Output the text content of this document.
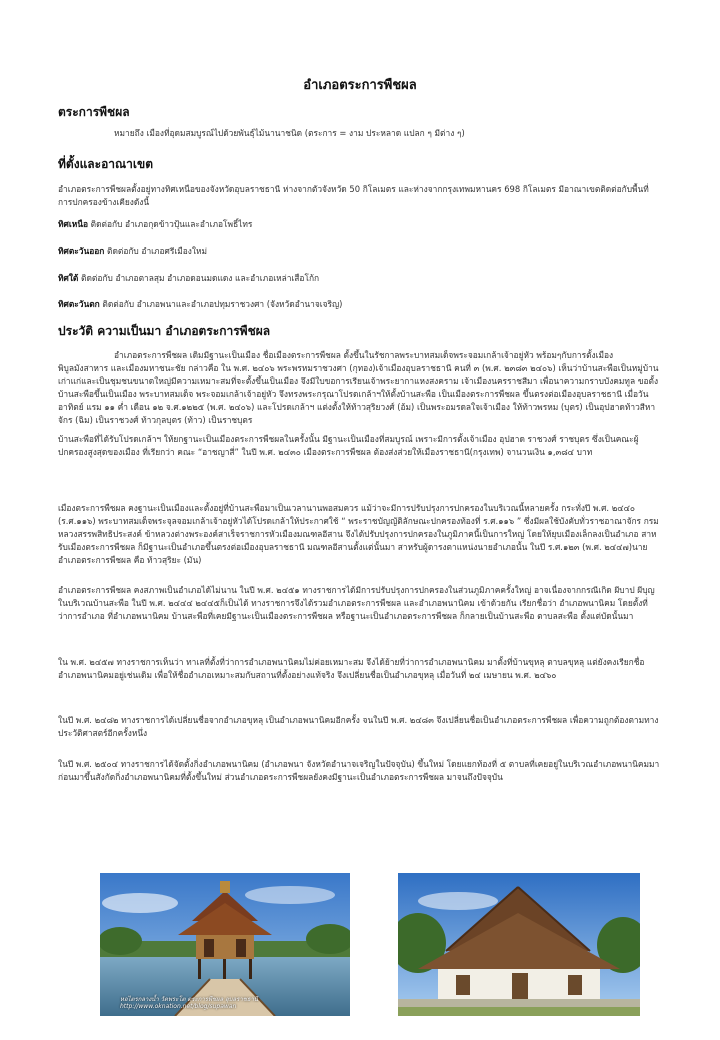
อำเภอตระการพืชผล
ตระการพืชผล
หมายถึง เมืองที่อุดมสมบูรณ์ไปด้วยพันธุ์ไม้นานาชนิด (ตระการ = งาม ประหลาด แปลก ๆ มีต่าง ๆ)
ที่ตั้งและอาณาเขต
อำเภอตระการพืชผลตั้งอยู่ทางทิศเหนือของจังหวัดอุบลราชธานี ห่างจากตัวจังหวัด 50 กิโลเมตร และห่างจากกรุงเทพมหานคร 698 กิโลเมตร มีอาณาเขตติดต่อกับพื้นที่การปกครองข้างเคียงดังนี้
ทิศเหนือ ติดต่อกับ อำเภอกุดข้าวปุ้นและอำเภอโพธิ์ไทร
ทิศตะวันออก ติดต่อกับ อำเภอศรีเมืองใหม่
ทิศใต้ ติดต่อกับ อำเภอตาลสุม อำเภอดอนมดแดง และอำเภอเหล่าเสือโก้ก
ทิศตะวันตก ติดต่อกับ อำเภอพนาและอำเภอปทุมราชวงศา (จังหวัดอำนาจเจริญ)
ประวัติ ความเป็นมา อำเภอตระการพืชผล
อำเภอตระการพืชผล เดิมมีฐานะเป็นเมือง ชื่อเมืองตระการพืชผล ตั้งขึ้นในรัชกาลพระบาทสมเด็จพระจอมเกล้าเจ้าอยู่หัว พร้อมๆกับการตั้งเมืองพิบูลมังสาหาร และเมืองมหาชนะชัย กล่าวคือ ใน พ.ศ. ๒๔๐๖ พระพรหมราชวงศา (กุทอง)เจ้าเมืองอุบลราชธานี คนที่ ๓ (พ.ศ. ๒๓๘๓ ๒๔๐๖) เห็นว่าบ้านสะพือเป็นหมู่บ้านเก่าแก่และเป็นชุมชนขนาดใหญ่มีความเหมาะสมที่จะตั้งขึ้นเป็นเมือง จึงมีใบขอการเรียนเจ้าพระยากาแหงสงคราม เจ้าเมืองนครราชสีมา เพื่อนาความกราบบังคมทูล ขอตั้งบ้านสะพือขึ้นเป็นเมือง พระบาทสมเด็จ พระจอมเกล้าเจ้าอยู่หัว จึงทรงพระกรุณาโปรดเกล้าฯให้ตั้งบ้านสะพือ เป็นเมืองตระการพืชผล ขึ้นตรงต่อเมืองอุบลราชธานี เมื่อวันอาทิตย์ แรม ๑๑ ค่ำ เดือน ๑๒ จ.ศ.๑๒๒๕ (พ.ศ. ๒๔๐๖) และโปรดเกล้าฯ แต่งตั้งให้ท้าวสุริยวงศ์ (อ้ม) เป็นพระอมรดลใจเจ้าเมือง ให้ท้าวพรหม (บุตร) เป็นอุปฮาดท้าวสีหาจักร (ฉิม) เป็นราชวงศ์ ท้าวกุลบุตร (ท้าว) เป็นราชบุตร
บ้านสะพือที่ได้รับโปรดเกล้าฯ ให้ยกฐานะเป็นเมืองตระการพืชผลในครั้งนั้น มีฐานะเป็นเมืองที่สมบูรณ์ เพราะมีการตั้งเจ้าเมือง อุปฮาด ราชวงศ์ ราชบุตร ซึ่งเป็นคณะผู้ปกครองสูงสุดของเมือง ที่เรียกว่า คณะ “อาชญาสี่” ในปี พ.ศ. ๒๔๓๐ เมืองตระการพืชผล ต้องส่งส่วยให้เมืองราชธานี(กรุงเทพ) จานวนเงิน ๑,๓๘๔ บาท
เมืองตระการพืชผล คงฐานะเป็นเมืองและตั้งอยู่ที่บ้านสะพือมาเป็นเวลานานพอสมควร แม้ว่าจะมีการปรับปรุงการปกครองในบริเวณนี้หลายครั้ง กระทั่งปี พ.ศ. ๒๔๔๐ (ร.ศ.๑๑๖) พระบาทสมเด็จพระจุลจอมเกล้าเจ้าอยู่หัวได้โปรดเกล้าให้ประกาศใช้ “ พระราชบัญญัติลักษณะปกครองท้องที่ ร.ศ.๑๑๖ ” ซึ่งมีผลใช้บังคับทั่วราชอาณาจักร กรมหลวงสรรพสิทธิประสงค์ ข้าหลวงต่างพระองค์สาเร็จราชการหัวเมืองมณฑลอีสาน จึงได้ปรับปรุงการปกครองในภูมิภาคนี้เป็นการใหญ่ โดยให้ยุบเมืองเล็กลงเป็นอำเภอ สาหรับเมืองตระการพืชผล ก็มีฐานะเป็นอำเภอขึ้นตรงต่อเมืองอุบลราชธานี มณฑลอีสานตั้งแต่นั้นมา สาหรับผู้ดารงตาแหน่งนายอำเภอนั้น ในปี ร.ศ.๑๒๓ (พ.ศ. ๒๔๔๗)นายอำเภอตระการพืชผล คือ ท้าวสุริยะ (มัน)
อำเภอตระการพืชผล คงสภาพเป็นอำเภอได้ไม่นาน ในปี พ.ศ. ๒๔๕๑ ทางราชการได้มีการปรับปรุงการปกครองในส่วนภูมิภาคครั้งใหญ่ อาจเนื่องจากกรณีเกิด ผีบาป ผีบุญ ในบริเวณบ้านสะพือ ในปี พ.ศ. ๒๔๔๔ ๒๔๔๕ก็เป็นได้ ทางราชการจึงได้รวมอำเภอตระการพืชผล และอำเภอพนานิคม เข้าด้วยกัน เรียกชื่อว่า อำเภอพนานิคม โดยตั้งที่ว่าการอำเภอ ที่อำเภอพนานิคม บ้านสะพือที่เคยมีฐานะเป็นเมืองตระการพืชผล หรือฐานะเป็นอำเภอตระการพืชผล ก็กลายเป็นบ้านสะพือ ตาบลสะพือ ตั้งแต่บัดนั้นมา
ใน พ.ศ. ๒๔๕๗ ทางราชการเห็นว่า ทาเลที่ตั้งที่ว่าการอำเภอพนานิคมไม่ค่อยเหมาะสม จึงได้ย้ายที่ว่าการอำเภอพนานิคม มาตั้งที่บ้านขุหลุ ตาบลขุหลุ แต่ยังคงเรียกชื่ออำเภอพนานิคมอยู่เช่นเดิม เพื่อให้ชื่ออำเภอเหมาะสมกับสถานที่ตั้งอย่างแท้จริง จึงเปลี่ยนชื่อเป็นอำเภอขุหลุ เมื่อวันที่ ๒๔ เมษายน พ.ศ. ๒๔๖๐
ในปี พ.ศ. ๒๔๘๒ ทางราชการได้เปลี่ยนชื่อจากอำเภอขุหลุ เป็นอำเภอพนานิคมอีกครั้ง จนในปี พ.ศ. ๒๔๘๓ จึงเปลี่ยนชื่อเป็นอำเภอตระการพืชผล เพื่อความถูกต้องตามทางประวัติศาสตร์อีกครั้งหนึ่ง
ในปี พ.ศ. ๒๕๐๔ ทางราชการได้จัดตั้งกิ่งอำเภอพนานิคม (อำเภอพนา จังหวัดอำนาจเจริญในปัจจุบัน) ขึ้นใหม่ โดยแยกท้องที่ ๕ ตาบลที่เคยอยู่ในบริเวณอำเภอพนานิคมมาก่อนมาขึ้นสังกัดกิ่งอำเภอพนานิคมที่ตั้งขึ้นใหม่ ส่วนอำเภอตระการพืชผลยังคงมีฐานะเป็นอำเภอตระการพืชผล มาจนถึงปัจจุบัน
หอไตรกลางน้ำ วัดพระโต ตระการพืชผล อุบลราชธานี
http://www.oknation.net/blog/supawan
